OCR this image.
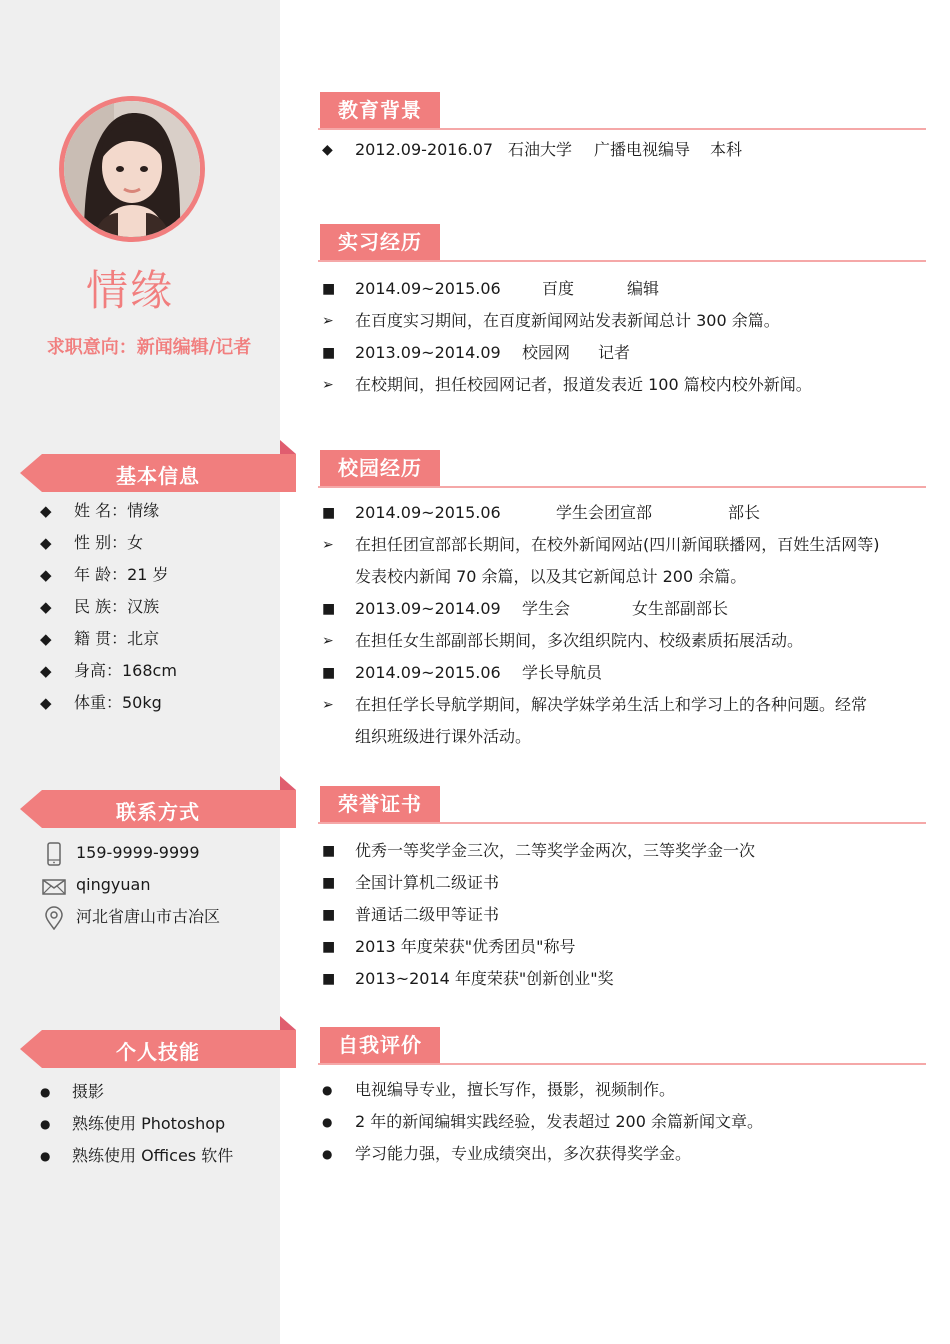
情缘
求职意向：新闻编辑/记者
基本信息
◆	姓 名：情缘
◆	性 别：女
◆	年 龄：21 岁
◆	民 族：汉族
◆	籍 贯：北京
◆	身高：168cm
◆	体重：50kg
联系方式
159-9999-9999
qingyuan
河北省唐山市古冶区
个人技能
●	摄影
●	熟练使用 Photoshop
●	熟练使用 Offices 软件
教育背景
◆	2012.09-2016.07 石油大学 广播电视编导 本科
实习经历
■	2014.09~2015.06	百度	编辑
➢	在百度实习期间，在百度新闻网站发表新闻总计 300 余篇。
■	2013.09~2014.09 校园网 记者
➢	在校期间，担任校园网记者，报道发表近 100 篇校内校外新闻。
校园经历
■	2014.09~2015.06	学生会团宣部	部长
➢	在担任团宣部部长期间，在校外新闻网站(四川新闻联播网，百姓生活网等)
发表校内新闻 70 余篇，以及其它新闻总计 200 余篇。
■	2013.09~2014.09 学生会	女生部副部长
➢	在担任女生部副部长期间，多次组织院内、校级素质拓展活动。
■	2014.09~2015.06 学长导航员
➢	在担任学长导航学期间，解决学妹学弟生活上和学习上的各种问题。经常
组织班级进行课外活动。
荣誉证书
■	优秀一等奖学金三次，二等奖学金两次，三等奖学金一次
■	全国计算机二级证书
■	普通话二级甲等证书
■	2013 年度荣获"优秀团员"称号
■	2013~2014 年度荣获"创新创业"奖
自我评价
●	电视编导专业，擅长写作，摄影，视频制作。
●	2 年的新闻编辑实践经验，发表超过 200 余篇新闻文章。
●	学习能力强，专业成绩突出，多次获得奖学金。
